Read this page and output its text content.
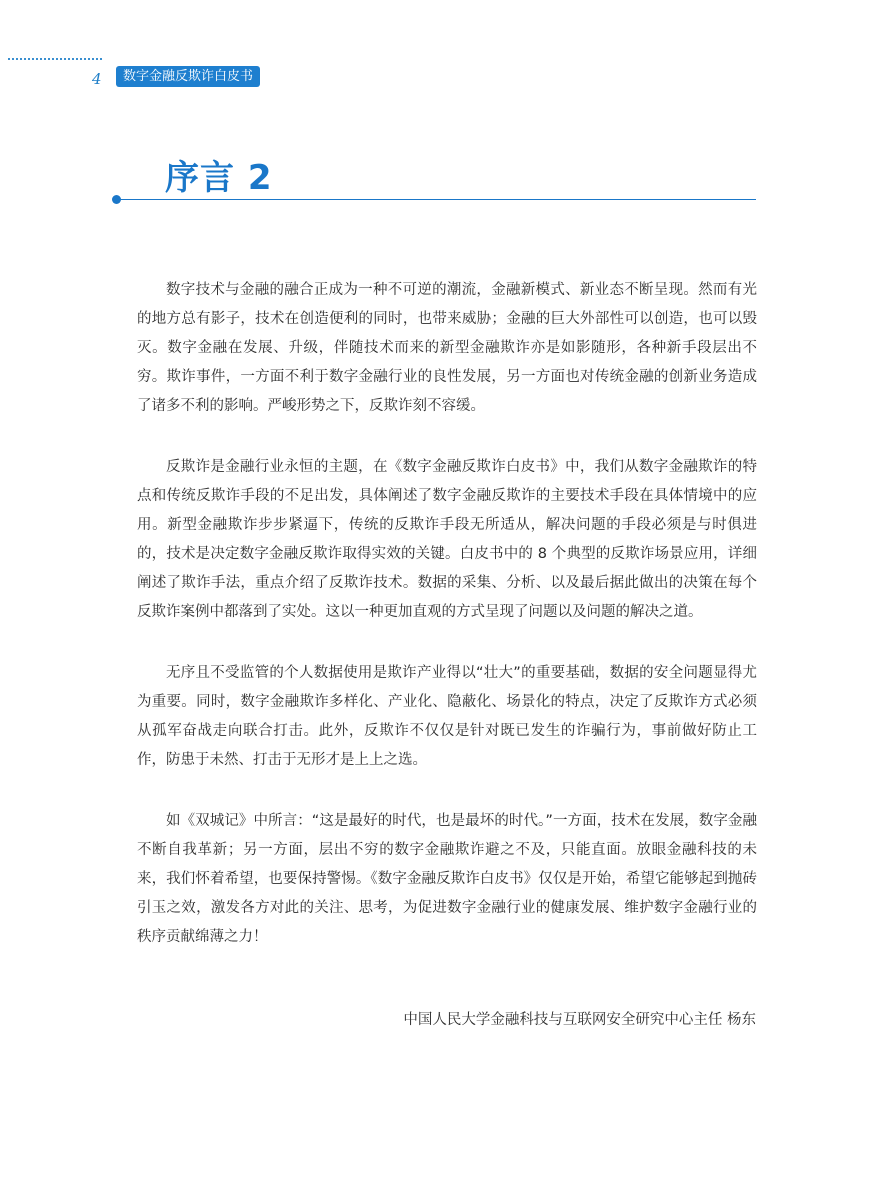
4	数字金融反欺诈白皮书
序言 2

数字技术与金融的融合正成为一种不可逆的潮流，金融新模式、新业态不断呈现。然而有光的地方总有影子，技术在创造便利的同时，也带来威胁；金融的巨大外部性可以创造，也可以毁灭。数字金融在发展、升级，伴随技术而来的新型金融欺诈亦是如影随形，各种新手段层出不穷。欺诈事件，一方面不利于数字金融行业的良性发展，另一方面也对传统金融的创新业务造成了诸多不利的影响。严峻形势之下，反欺诈刻不容缓。

反欺诈是金融行业永恒的主题，在《数字金融反欺诈白皮书》中，我们从数字金融欺诈的特点和传统反欺诈手段的不足出发，具体阐述了数字金融反欺诈的主要技术手段在具体情境中的应用。新型金融欺诈步步紧逼下，传统的反欺诈手段无所适从，解决问题的手段必须是与时俱进的，技术是决定数字金融反欺诈取得实效的关键。白皮书中的 8 个典型的反欺诈场景应用，详细阐述了欺诈手法，重点介绍了反欺诈技术。数据的采集、分析、以及最后据此做出的决策在每个反欺诈案例中都落到了实处。这以一种更加直观的方式呈现了问题以及问题的解决之道。

无序且不受监管的个人数据使用是欺诈产业得以“壮大”的重要基础，数据的安全问题显得尤为重要。同时，数字金融欺诈多样化、产业化、隐蔽化、场景化的特点，决定了反欺诈方式必须从孤军奋战走向联合打击。此外，反欺诈不仅仅是针对既已发生的诈骗行为，事前做好防止工作，防患于未然、打击于无形才是上上之选。

如《双城记》中所言：“这是最好的时代，也是最坏的时代。”一方面，技术在发展，数字金融不断自我革新；另一方面，层出不穷的数字金融欺诈避之不及，只能直面。放眼金融科技的未来，我们怀着希望，也要保持警惕。《数字金融反欺诈白皮书》仅仅是开始，希望它能够起到抛砖引玉之效，激发各方对此的关注、思考，为促进数字金融行业的健康发展、维护数字金融行业的秩序贡献绵薄之力！

中国人民大学金融科技与互联网安全研究中心主任 杨东
